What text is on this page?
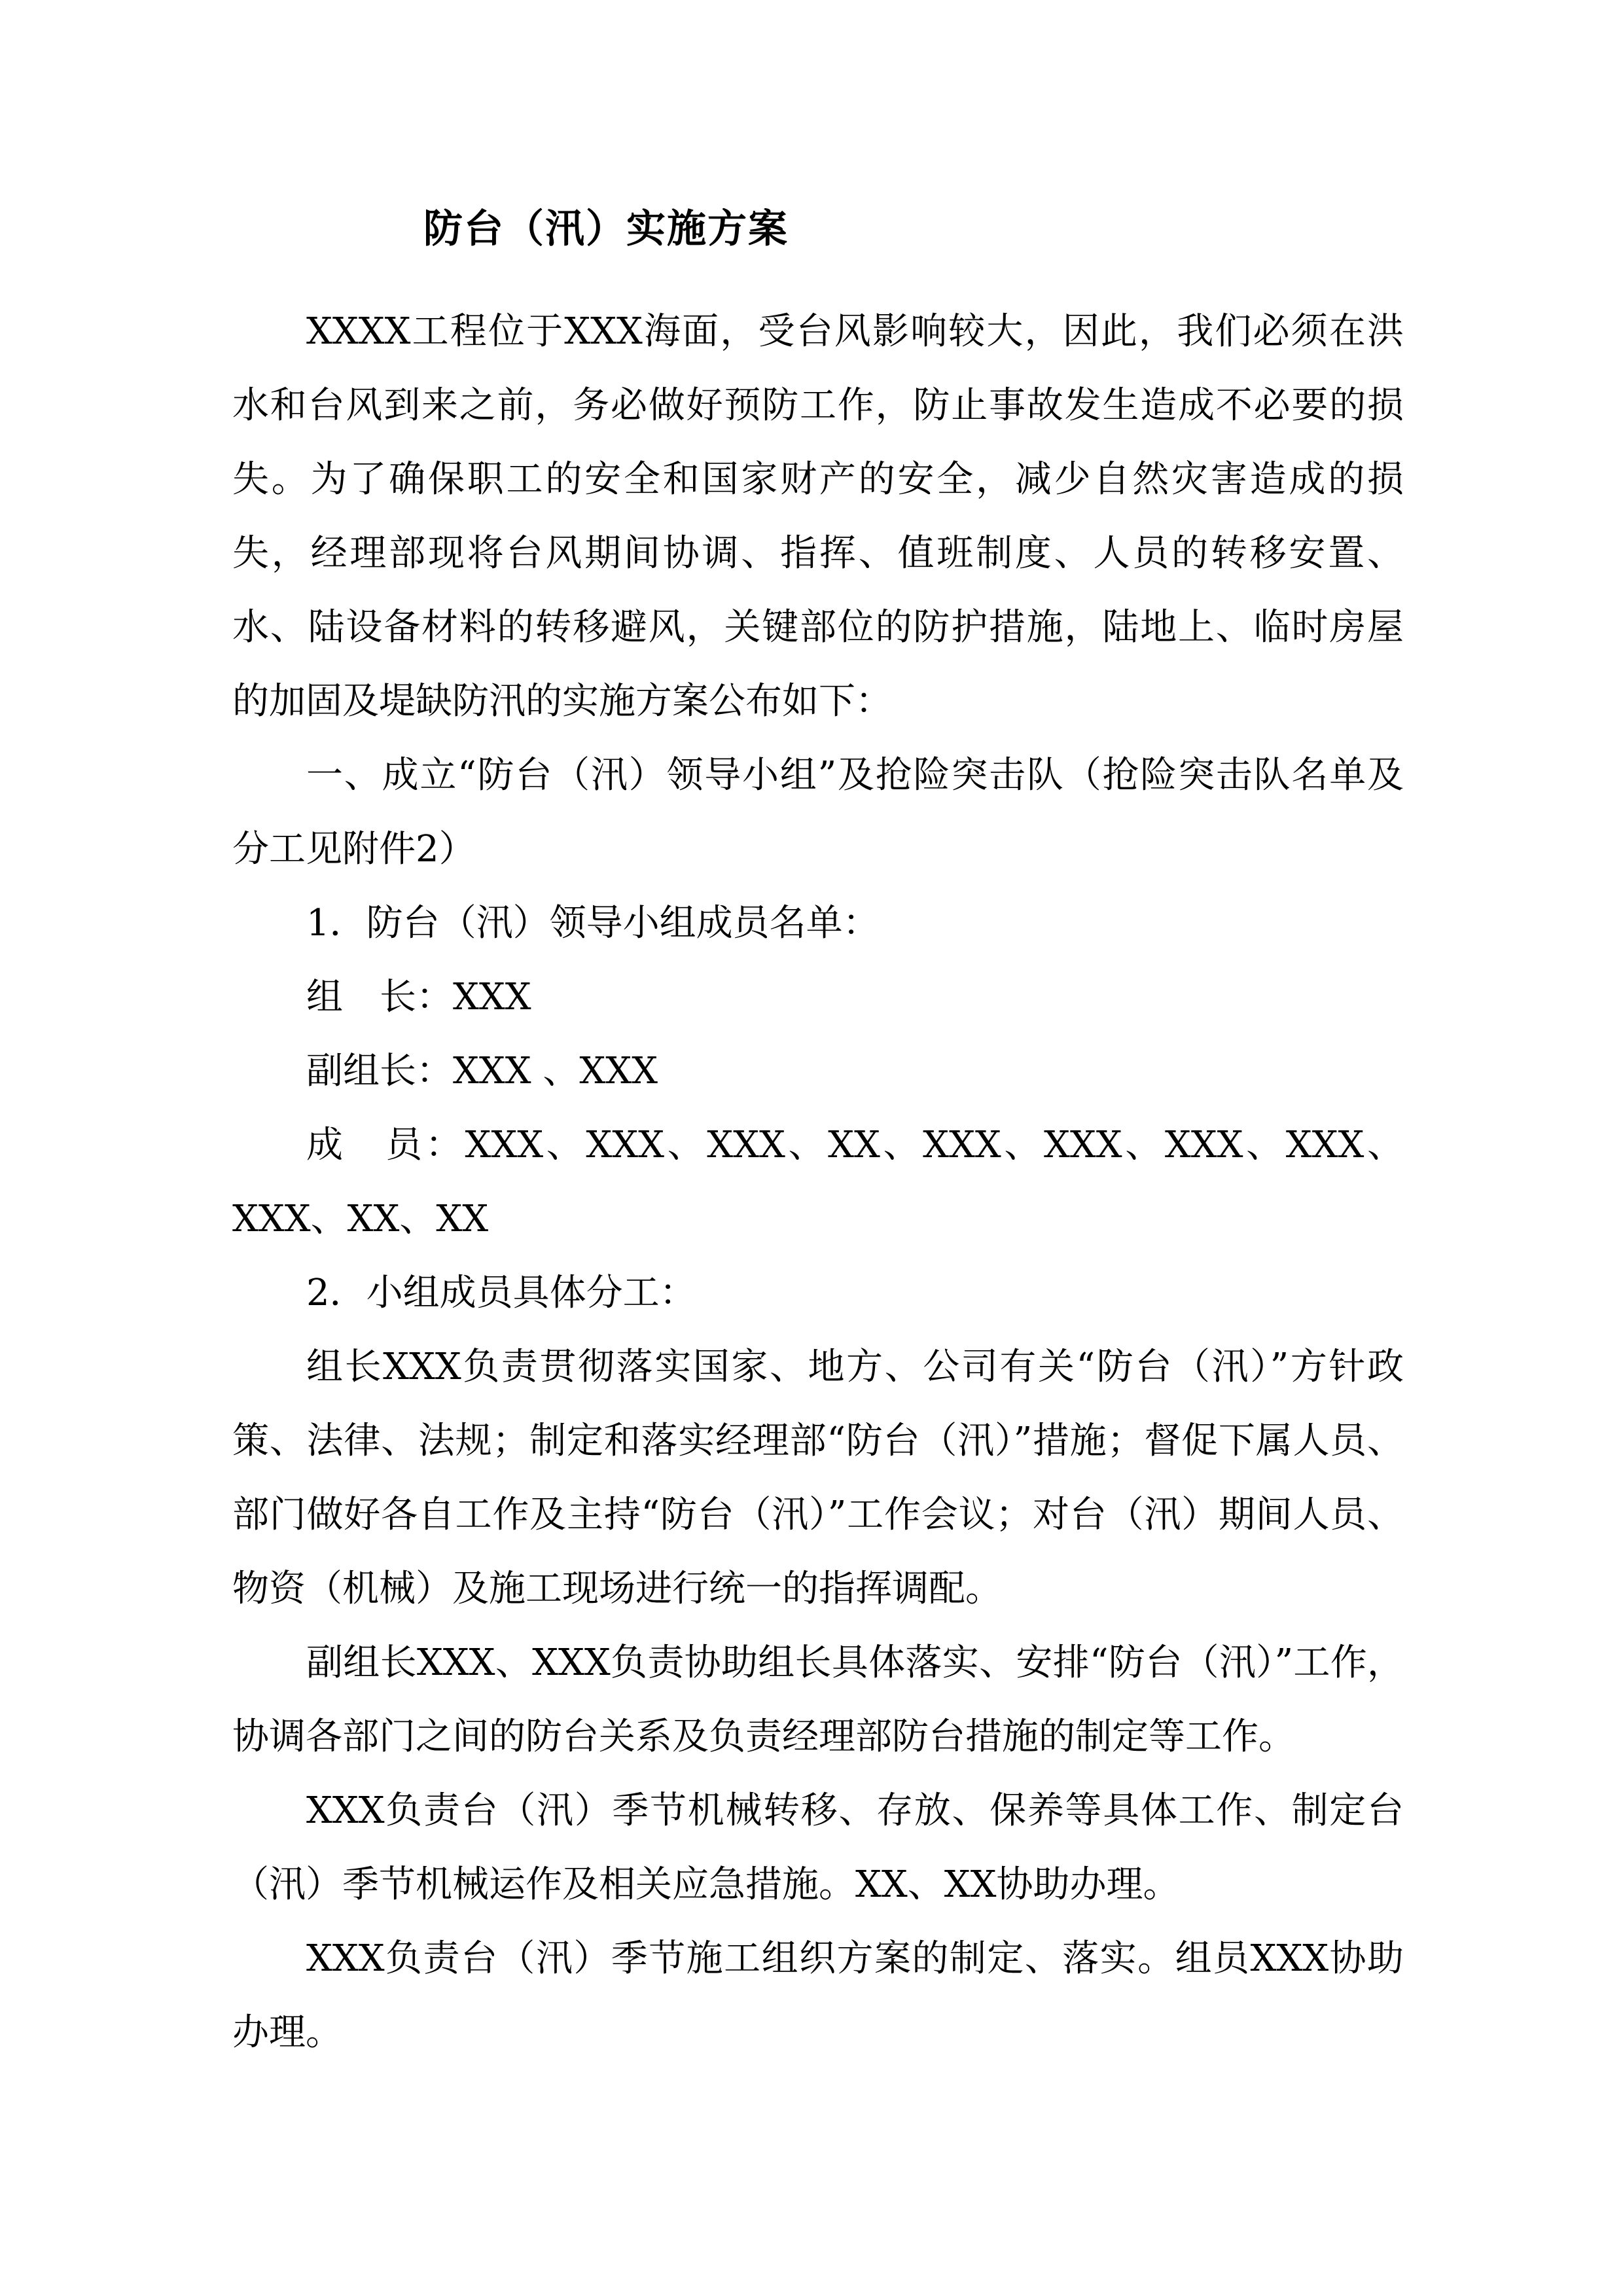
防台（汛）实施方案

XXXX工程位于XXX海面，受台风影响较大，因此，我们必须在洪水和台风到来之前，务必做好预防工作，防止事故发生造成不必要的损失。为了确保职工的安全和国家财产的安全，减少自然灾害造成的损失，经理部现将台风期间协调、指挥、值班制度、人员的转移安置、水、陆设备材料的转移避风，关键部位的防护措施，陆地上、临时房屋的加固及堤缺防汛的实施方案公布如下：

一、成立“防台（汛）领导小组”及抢险突击队（抢险突击队名单及分工见附件2）

1．防台（汛）领导小组成员名单：

组　长：XXX

副组长：XXX 、XXX

成　员：XXX、XXX、XXX、XX、XXX、XXX、XXX、XXX、XXX、XX、XX

2．小组成员具体分工：

组长XXX负责贯彻落实国家、地方、公司有关“防台（汛）”方针政策、法律、法规；制定和落实经理部“防台（汛）”措施；督促下属人员、部门做好各自工作及主持“防台（汛）”工作会议；对台（汛）期间人员、物资（机械）及施工现场进行统一的指挥调配。

副组长XXX、XXX负责协助组长具体落实、安排“防台（汛）”工作，协调各部门之间的防台关系及负责经理部防台措施的制定等工作。

XXX负责台（汛）季节机械转移、存放、保养等具体工作、制定台（汛）季节机械运作及相关应急措施。XX、XX协助办理。

XXX负责台（汛）季节施工组织方案的制定、落实。组员XXX协助办理。
